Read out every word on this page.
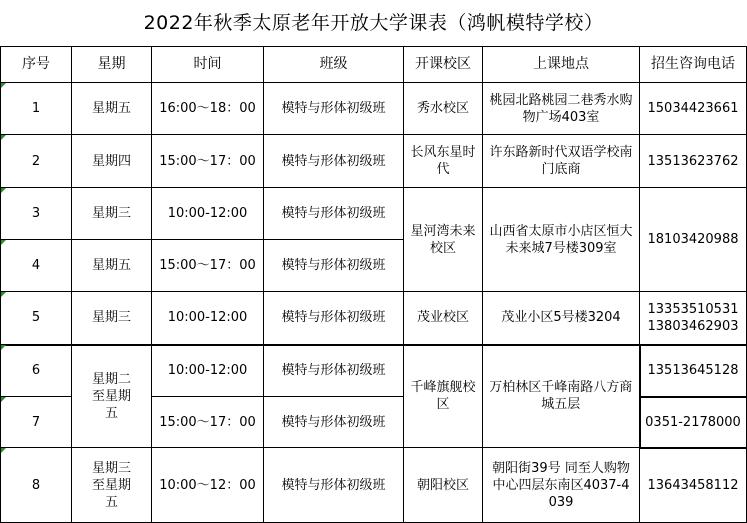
2022年秋季太原老年开放大学课表（鸿帆模特学校）
序号	星期	时间	班级	开课校区	上课地点	招生咨询电话
1	星期五	16:00～18：00	模特与形体初级班	秀水校区	桃园北路桃园二巷秀水购物广场403室	15034423661
2	星期四	15:00～17：00	模特与形体初级班	长风东星时代	许东路新时代双语学校南门底商	13513623762
3	星期三	10:00-12:00	模特与形体初级班	星河湾未来校区	山西省太原市小店区恒大未来城7号楼309室	18103420988
4	星期五	15:00～17：00	模特与形体初级班			
5	星期三	10:00-12:00	模特与形体初级班	茂业校区	茂业小区5号楼3204	13353510531
13803462903

6	星期二至星期五	10:00-12:00	模特与形体初级班	千峰旗舰校区	万柏林区千峰南路八方商城五层	13513645128
7		15:00～17：00	模特与形体初级班			0351-2178000
8	星期三至星期五	10:00～12：00	模特与形体初级班	朝阳校区	朝阳街39号 同至人购物中心四层东南区4037-4039	13643458112
